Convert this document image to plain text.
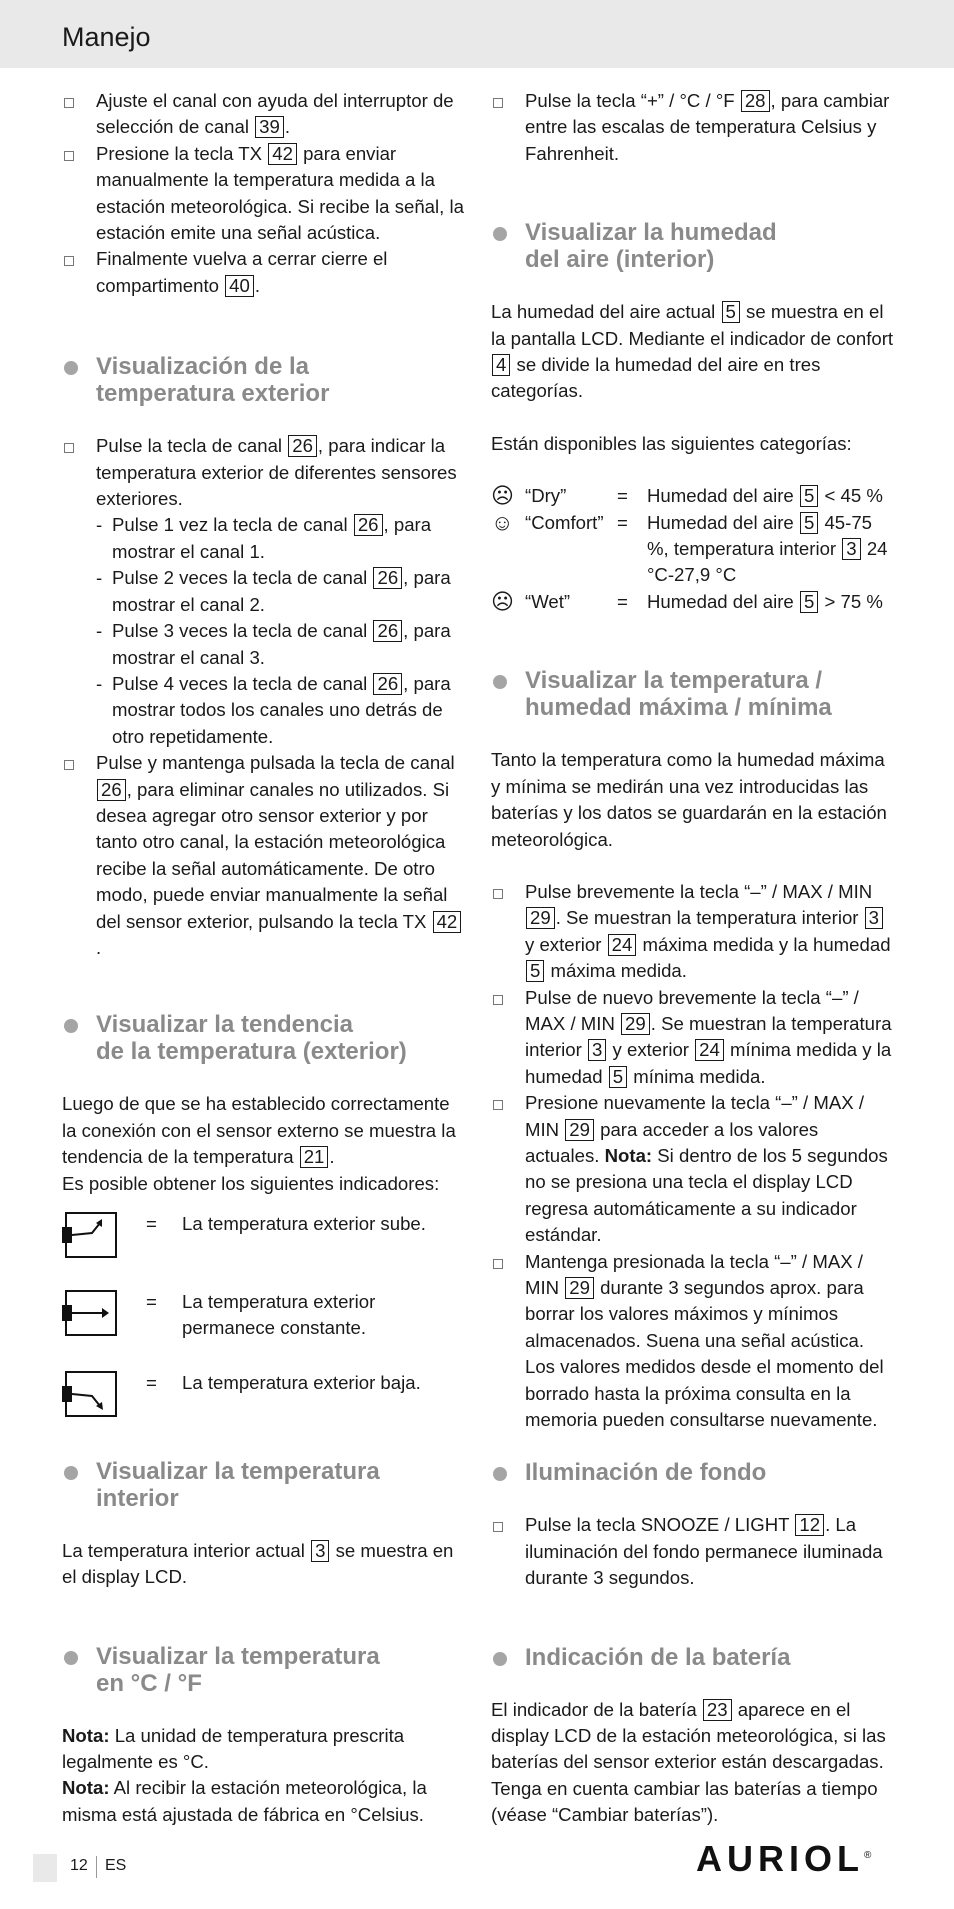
Manejo
Ajuste el canal con ayuda del interruptor de selección de canal 39 .
Presione la tecla TX 42 para enviar manualmente la temperatura medida a la estación meteorológica. Si recibe la señal, la estación emite una señal acústica.
Finalmente vuelva a cerrar cierre el compartimento 40 .
Visualización de la
temperatura exterior
Pulse la tecla de canal 26 , para indicar la temperatura exterior de diferentes sensores exteriores.
- Pulse 1 vez la tecla de canal 26 , para mostrar el canal 1.
- Pulse 2 veces la tecla de canal 26 , para mostrar el canal 2.
- Pulse 3 veces la tecla de canal 26 , para mostrar el canal 3.
- Pulse 4 veces la tecla de canal 26 , para mostrar todos los canales uno detrás de otro repetidamente.
Pulse y mantenga pulsada la tecla de canal 26 , para eliminar canales no utilizados. Si desea agregar otro sensor exterior y por tanto otro canal, la estación meteorológica recibe la señal automáticamente. De otro modo, puede enviar manualmente la señal del sensor exterior, pulsando la tecla TX 42.
Visualizar la tendencia
de la temperatura (exterior)

Luego de que se ha establecido correctamente la conexión con el sensor externo se muestra la tendencia de la temperatura 21 .

Es posible obtener los siguientes indicadores:

=	La temperatura exterior sube.
=	La temperatura exterior permanece constante.
=	La temperatura exterior baja.
Visualizar la temperatura
interior

La temperatura interior actual 3 se muestra en el display LCD.

Visualizar la temperatura
en °C / °F

Nota: La unidad de temperatura prescrita legalmente es °C.

Nota: Al recibir la estación meteorológica, la misma está ajustada de fábrica en °Celsius.

Pulse la tecla “+” / °C / °F 28 , para cambiar entre las escalas de temperatura Celsius y Fahrenheit.
Visualizar la humedad
del aire (interior)

La humedad del aire actual 5 se muestra en el la pantalla LCD. Mediante el indicador de confort 4 se divide la humedad del aire en tres categorías.

Están disponibles las siguientes categorías:

☹ “Dry”	=	Humedad del aire 5 < 45 %
☺ “Comfort” =	Humedad del aire 5 45-75 %, temperatura interior 3 24 °C-27,9 °C
☹ “Wet”	=	Humedad del aire 5 > 75 %
Visualizar la temperatura /
humedad máxima / mínima

Tanto la temperatura como la humedad máxima y mínima se medirán una vez introducidas las baterías y los datos se guardarán en la estación meteorológica.

Pulse brevemente la tecla “–” / MAX / MIN 29 . Se muestran la temperatura interior 3 y exterior 24 máxima medida y la humedad 5 máxima medida.
Pulse de nuevo brevemente la tecla “–” / MAX / MIN 29 . Se muestran la temperatura interior 3 y exterior 24 mínima medida y la humedad 5 mínima medida.
Presione nuevamente la tecla “–” / MAX / MIN 29 para acceder a los valores actuales. Nota: Si dentro de los 5 segundos no se presiona una tecla el display LCD regresa automáticamente a su indicador estándar.
Mantenga presionada la tecla “–” / MAX / MIN 29 durante 3 segundos aprox. para borrar los valores máximos y mínimos almacenados. Suena una señal acústica. Los valores medidos desde el momento del borrado hasta la próxima consulta en la memoria pueden consultarse nuevamente.
Iluminación de fondo
Pulse la tecla SNOOZE / LIGHT 12 . La iluminación del fondo permanece iluminada durante 3 segundos.
Indicación de la batería

El indicador de la batería 23 aparece en el display LCD de la estación meteorológica, si las baterías del sensor exterior están descargadas. Tenga en cuenta cambiar las baterías a tiempo (véase “Cambiar baterías”).

12 ES	AURIOL®
